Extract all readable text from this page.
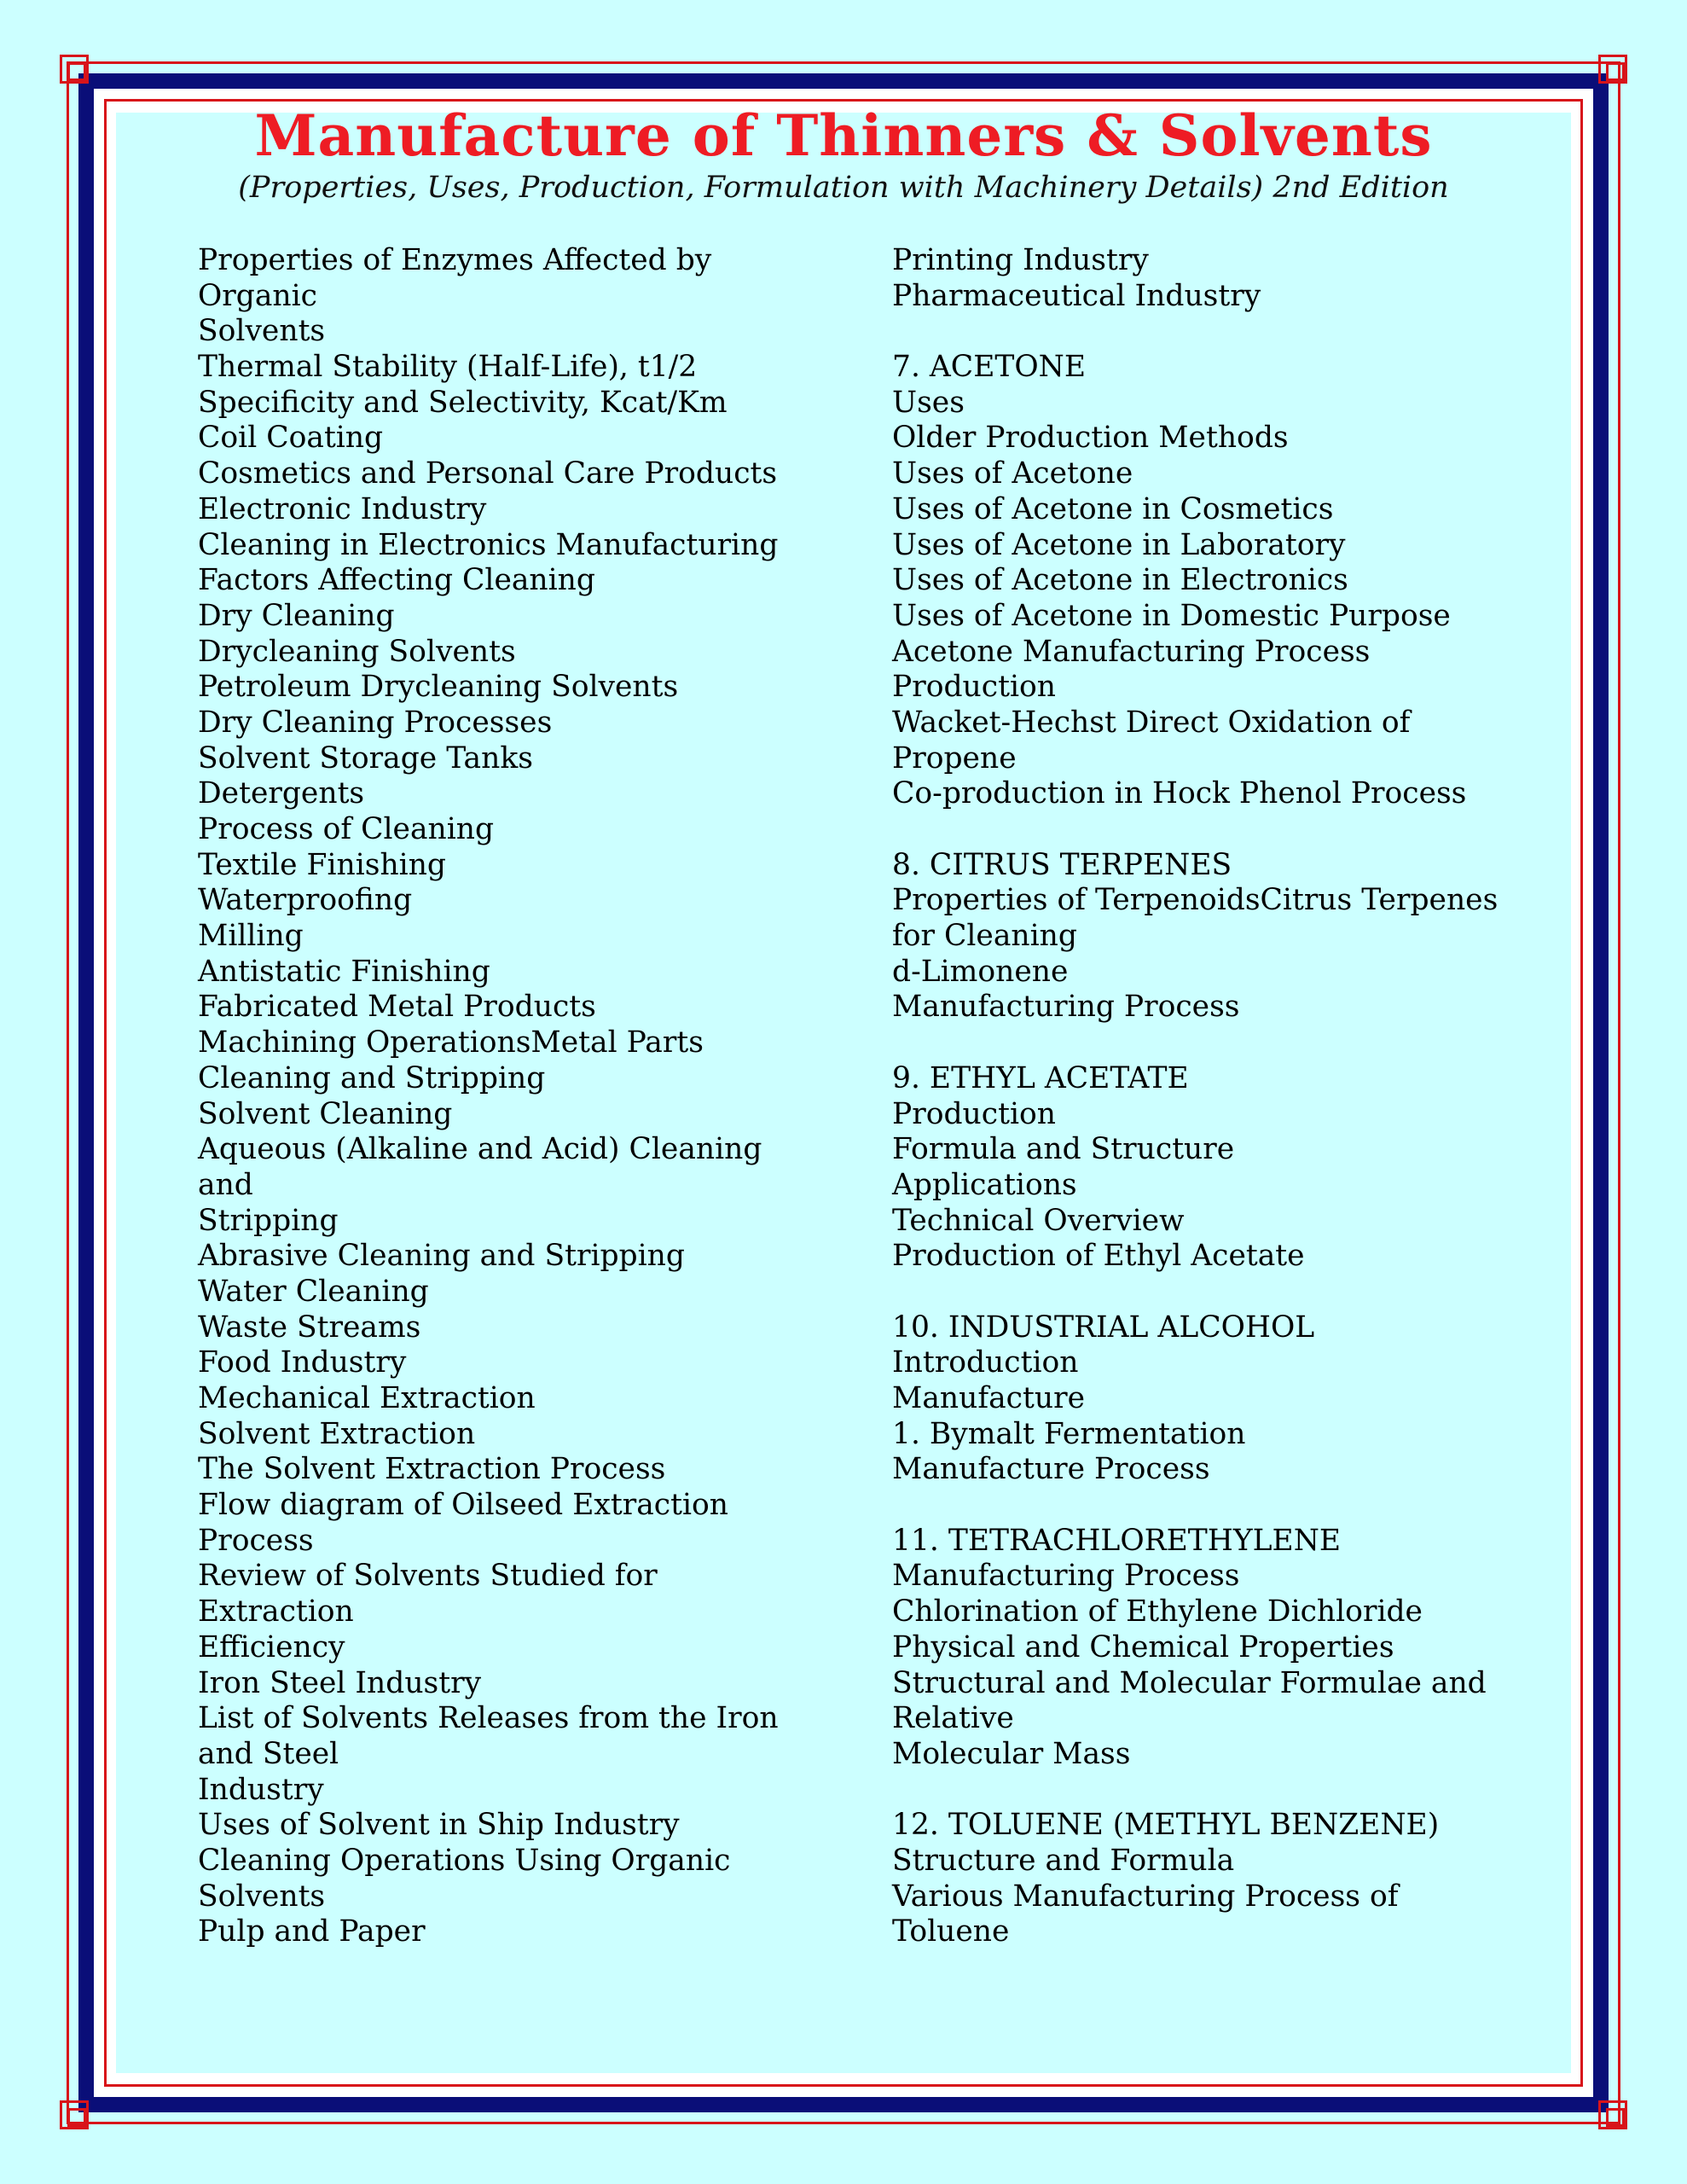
Manufacture of Thinners & Solvents

(Properties, Uses, Production, Formulation with Machinery Details) 2nd Edition

Properties of Enzymes Affected by
Organic
Solvents
Thermal Stability (Half-Life), t1/2
Specificity and Selectivity, Kcat/Km
Coil Coating
Cosmetics and Personal Care Products
Electronic Industry
Cleaning in Electronics Manufacturing
Factors Affecting Cleaning
Dry Cleaning
Drycleaning Solvents
Petroleum Drycleaning Solvents
Dry Cleaning Processes
Solvent Storage Tanks
Detergents
Process of Cleaning
Textile Finishing
Waterproofing
Milling
Antistatic Finishing
Fabricated Metal Products
Machining OperationsMetal Parts
Cleaning and Stripping
Solvent Cleaning
Aqueous (Alkaline and Acid) Cleaning
and
Stripping
Abrasive Cleaning and Stripping
Water Cleaning
Waste Streams
Food Industry
Mechanical Extraction
Solvent Extraction
The Solvent Extraction Process
Flow diagram of Oilseed Extraction
Process
Review of Solvents Studied for
Extraction
Efficiency
Iron Steel Industry
List of Solvents Releases from the Iron
and Steel
Industry
Uses of Solvent in Ship Industry
Cleaning Operations Using Organic
Solvents
Pulp and Paper
Printing Industry
Pharmaceutical Industry
7. ACETONE
Uses
Older Production Methods
Uses of Acetone
Uses of Acetone in Cosmetics
Uses of Acetone in Laboratory
Uses of Acetone in Electronics
Uses of Acetone in Domestic Purpose
Acetone Manufacturing Process
Production
Wacket-Hechst Direct Oxidation of
Propene
Co-production in Hock Phenol Process
8. CITRUS TERPENES
Properties of TerpenoidsCitrus Terpenes
for Cleaning
d-Limonene
Manufacturing Process
9. ETHYL ACETATE
Production
Formula and Structure
Applications
Technical Overview
Production of Ethyl Acetate
10. INDUSTRIAL ALCOHOL
Introduction
Manufacture
1. Bymalt Fermentation
Manufacture Process
11. TETRACHLORETHYLENE
Manufacturing Process
Chlorination of Ethylene Dichloride
Physical and Chemical Properties
Structural and Molecular Formulae and
Relative
Molecular Mass
12. TOLUENE (METHYL BENZENE)
Structure and Formula
Various Manufacturing Process of
Toluene
